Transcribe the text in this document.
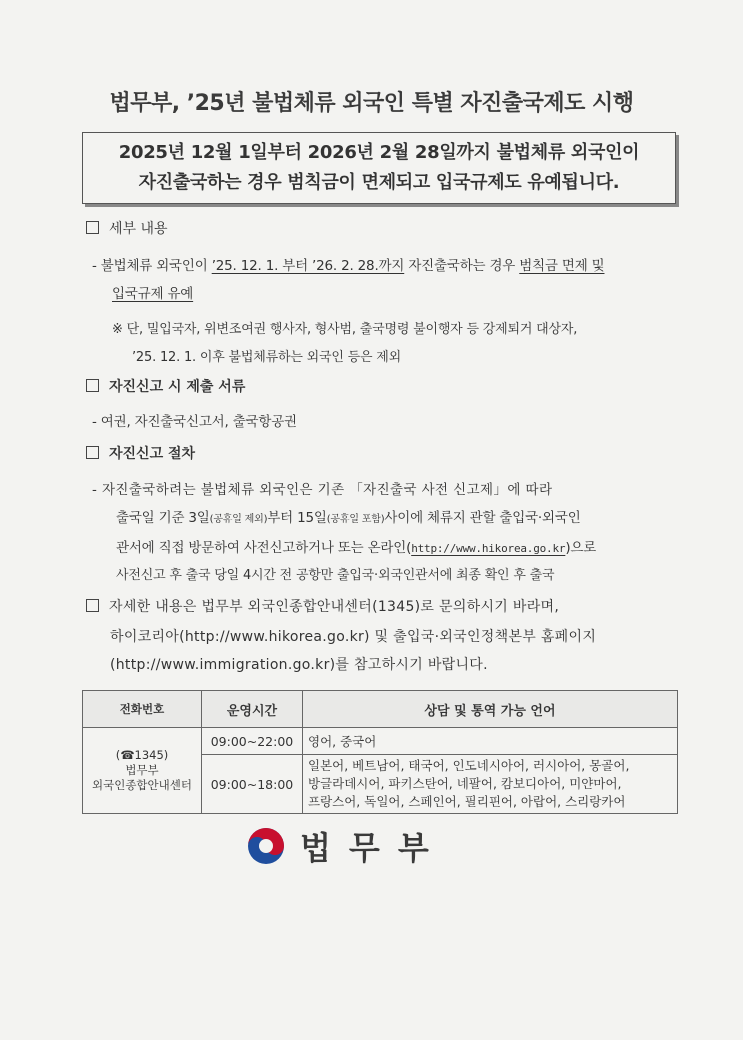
법무부, ’25년 불법체류 외국인 특별 자진출국제도 시행
2025년 12월 1일부터 2026년 2월 28일까지 불법체류 외국인이
자진출국하는 경우 범칙금이 면제되고 입국규제도 유예됩니다.
세부 내용
- 불법체류 외국인이 ’25. 12. 1. 부터 ’26. 2. 28.까지 자진출국하는 경우 범칙금 면제 및
입국규제 유예
※ 단, 밀입국자, 위변조여권 행사자, 형사범, 출국명령 불이행자 등 강제퇴거 대상자,
’25. 12. 1. 이후 불법체류하는 외국인 등은 제외
자진신고 시 제출 서류
- 여권, 자진출국신고서, 출국항공권
자진신고 절차
- 자진출국하려는 불법체류 외국인은 기존 「자진출국 사전 신고제」에 따라
출국일 기준 3일(공휴일 제외)부터 15일(공휴일 포함)사이에 체류지 관할 출입국·외국인
관서에 직접 방문하여 사전신고하거나 또는 온라인(http://www.hikorea.go.kr)으로
사전신고 후 출국 당일 4시간 전 공항만 출입국·외국인관서에 최종 확인 후 출국
자세한 내용은 법무부 외국인종합안내센터(1345)로 문의하시기 바라며,
하이코리아(http://www.hikorea.go.kr) 및 출입국·외국인정책본부 홈페이지
(http://www.immigration.go.kr)를 참고하시기 바랍니다.
전화번호	운영시간	상담 및 통역 가능 언어

(☎1345)
법무부
외국인종합안내센터	09:00~22:00	영어, 중국어
	09:00~18:00	일본어, 베트남어, 태국어, 인도네시아어, 러시아어, 몽골어,
방글라데시어, 파키스탄어, 네팔어, 캄보디아어, 미얀마어,
프랑스어, 독일어, 스페인어, 필리핀어, 아랍어, 스리랑카어
법무부
